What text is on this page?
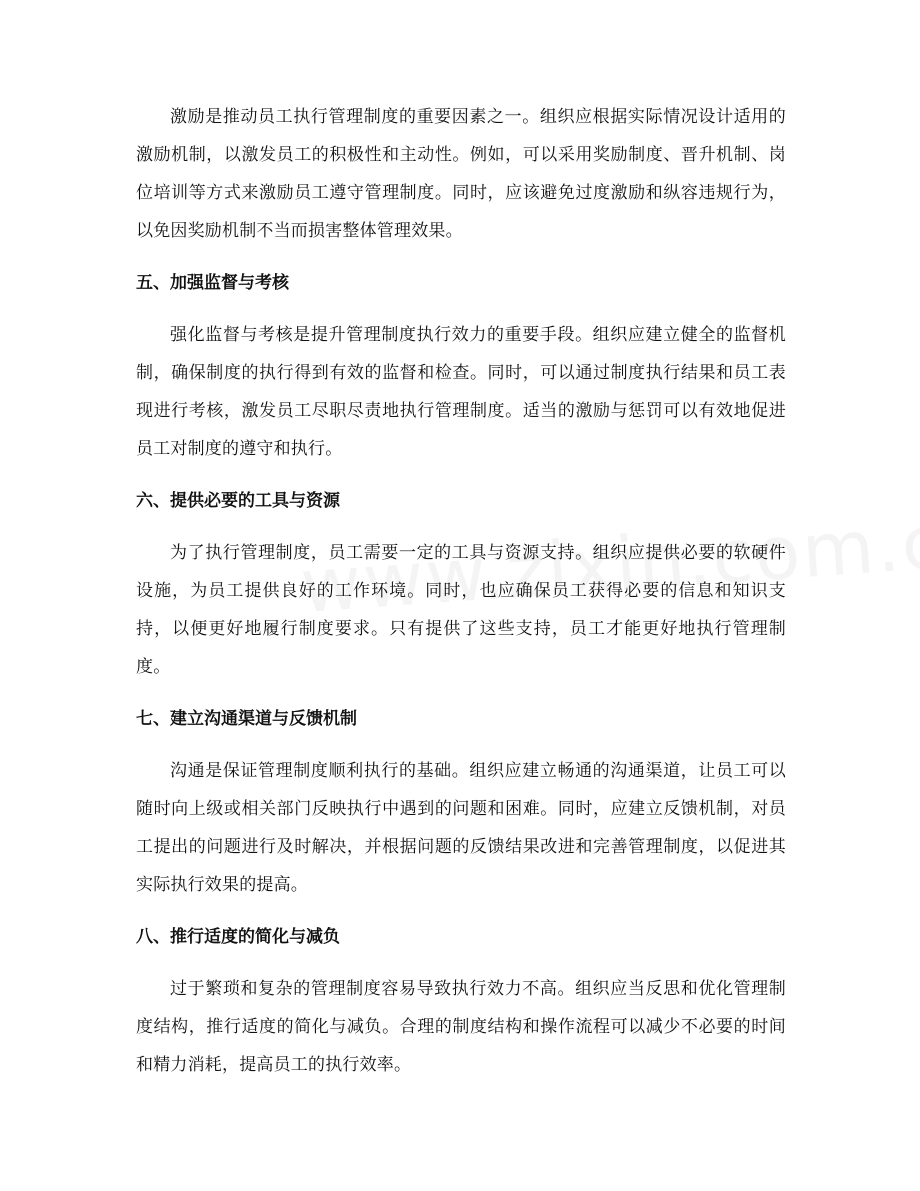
激励是推动员工执行管理制度的重要因素之一。组织应根据实际情况设计适用的激励机制，以激发员工的积极性和主动性。例如，可以采用奖励制度、晋升机制、岗位培训等方式来激励员工遵守管理制度。同时，应该避免过度激励和纵容违规行为，以免因奖励机制不当而损害整体管理效果。

五、加强监督与考核

强化监督与考核是提升管理制度执行效力的重要手段。组织应建立健全的监督机制，确保制度的执行得到有效的监督和检查。同时，可以通过制度执行结果和员工表现进行考核，激发员工尽职尽责地执行管理制度。适当的激励与惩罚可以有效地促进员工对制度的遵守和执行。

六、提供必要的工具与资源

为了执行管理制度，员工需要一定的工具与资源支持。组织应提供必要的软硬件设施，为员工提供良好的工作环境。同时，也应确保员工获得必要的信息和知识支持，以便更好地履行制度要求。只有提供了这些支持，员工才能更好地执行管理制度。

七、建立沟通渠道与反馈机制

沟通是保证管理制度顺利执行的基础。组织应建立畅通的沟通渠道，让员工可以随时向上级或相关部门反映执行中遇到的问题和困难。同时，应建立反馈机制，对员工提出的问题进行及时解决，并根据问题的反馈结果改进和完善管理制度，以促进其实际执行效果的提高。

八、推行适度的简化与减负

过于繁琐和复杂的管理制度容易导致执行效力不高。组织应当反思和优化管理制度结构，推行适度的简化与减负。合理的制度结构和操作流程可以减少不必要的时间和精力消耗，提高员工的执行效率。
